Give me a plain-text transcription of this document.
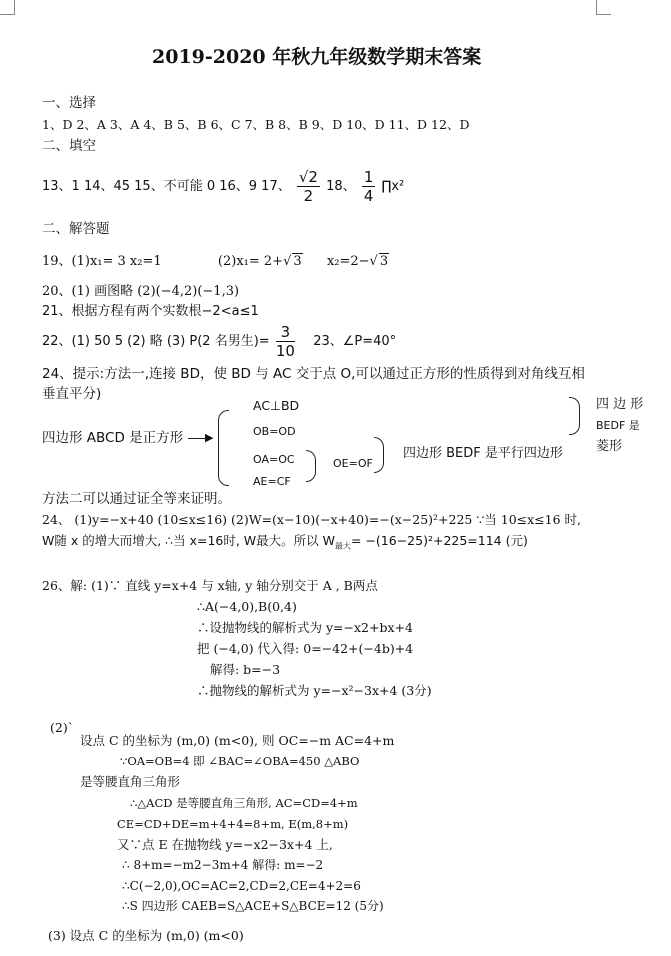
2019-2020 年秋九年级数学期末答案
一、选择
1、D 2、A 3、A 4、B 5、B 6、C 7、B 8、B 9、D 10、D 11、D 12、D
二、填空
13、1 14、45 15、不可能 0 16、9 17、 $\frac{√2}{2} 18$、 $\frac{1}{4}$ ∏x²
二、解答题
19、(1)x₁= 3 x₂=1	(2)x₁= 2+√ 3 x₂=2−√ 3
20、(1) 画图略 (2)(−4,2)(−1,3)
21、根据方程有两个实数根−2<a≤1
22、(1) 50 5 (2) 略 (3) P(2 名男生)= $\frac{3}{10} 23$、∠P=40°
24、提示:方法一,连接 BD，使 BD 与 AC 交于点 O,可以通过正方形的性质得到对角线互相
垂直平分)
四边形 ABCD 是正方形 ▶
AC⊥BD
OB=OD
OA=OC
AE=CF
OE=OF
四边形 BEDF 是平行四边形
四 边 形
BEDF 是
菱形
方法二可以通过证全等来证明。
24、 (1)y=−x+40 (10≤x≤16) (2)W=(x−10)(−x+40)=−(x−25)²+225 ∵当 10≤x≤16 时,
W随 x 的增大而增大, ∴当 x=16时, W最大。所以 $W_{最大}= -(16-25)^2+225=114$ (元)
26、解: (1)∵ 直线 y=x+4 与 x轴, y 轴分别交于 A , B两点
∴A(−4,0),B(0,4)
∴设抛物线的解析式为 y=−x2+bx+4
把 (−4,0) 代入得: 0=−42+(−4b)+4
解得: b=−3
∴抛物线的解析式为 y=−x²−3x+4 (3分)
(2)`
设点 C 的坐标为 (m,0) (m<0), 则 OC=−m AC=4+m
∵OA=OB=4 即 ∠BAC=∠OBA=450 △ABO
是等腰直角三角形
∴△ACD 是等腰直角三角形, AC=CD=4+m
CE=CD+DE=m+4+4=8+m, E(m,8+m)
又∵点 E 在抛物线 y=−x2−3x+4 上,
∴ 8+m=−m2−3m+4 解得: m=−2
∴C(−2,0),OC=AC=2,CD=2,CE=4+2=6
∴S 四边形 CAEB=S△ACE+S△BCE=12 (5分)
(3) 设点 C 的坐标为 (m,0) (m<0)
